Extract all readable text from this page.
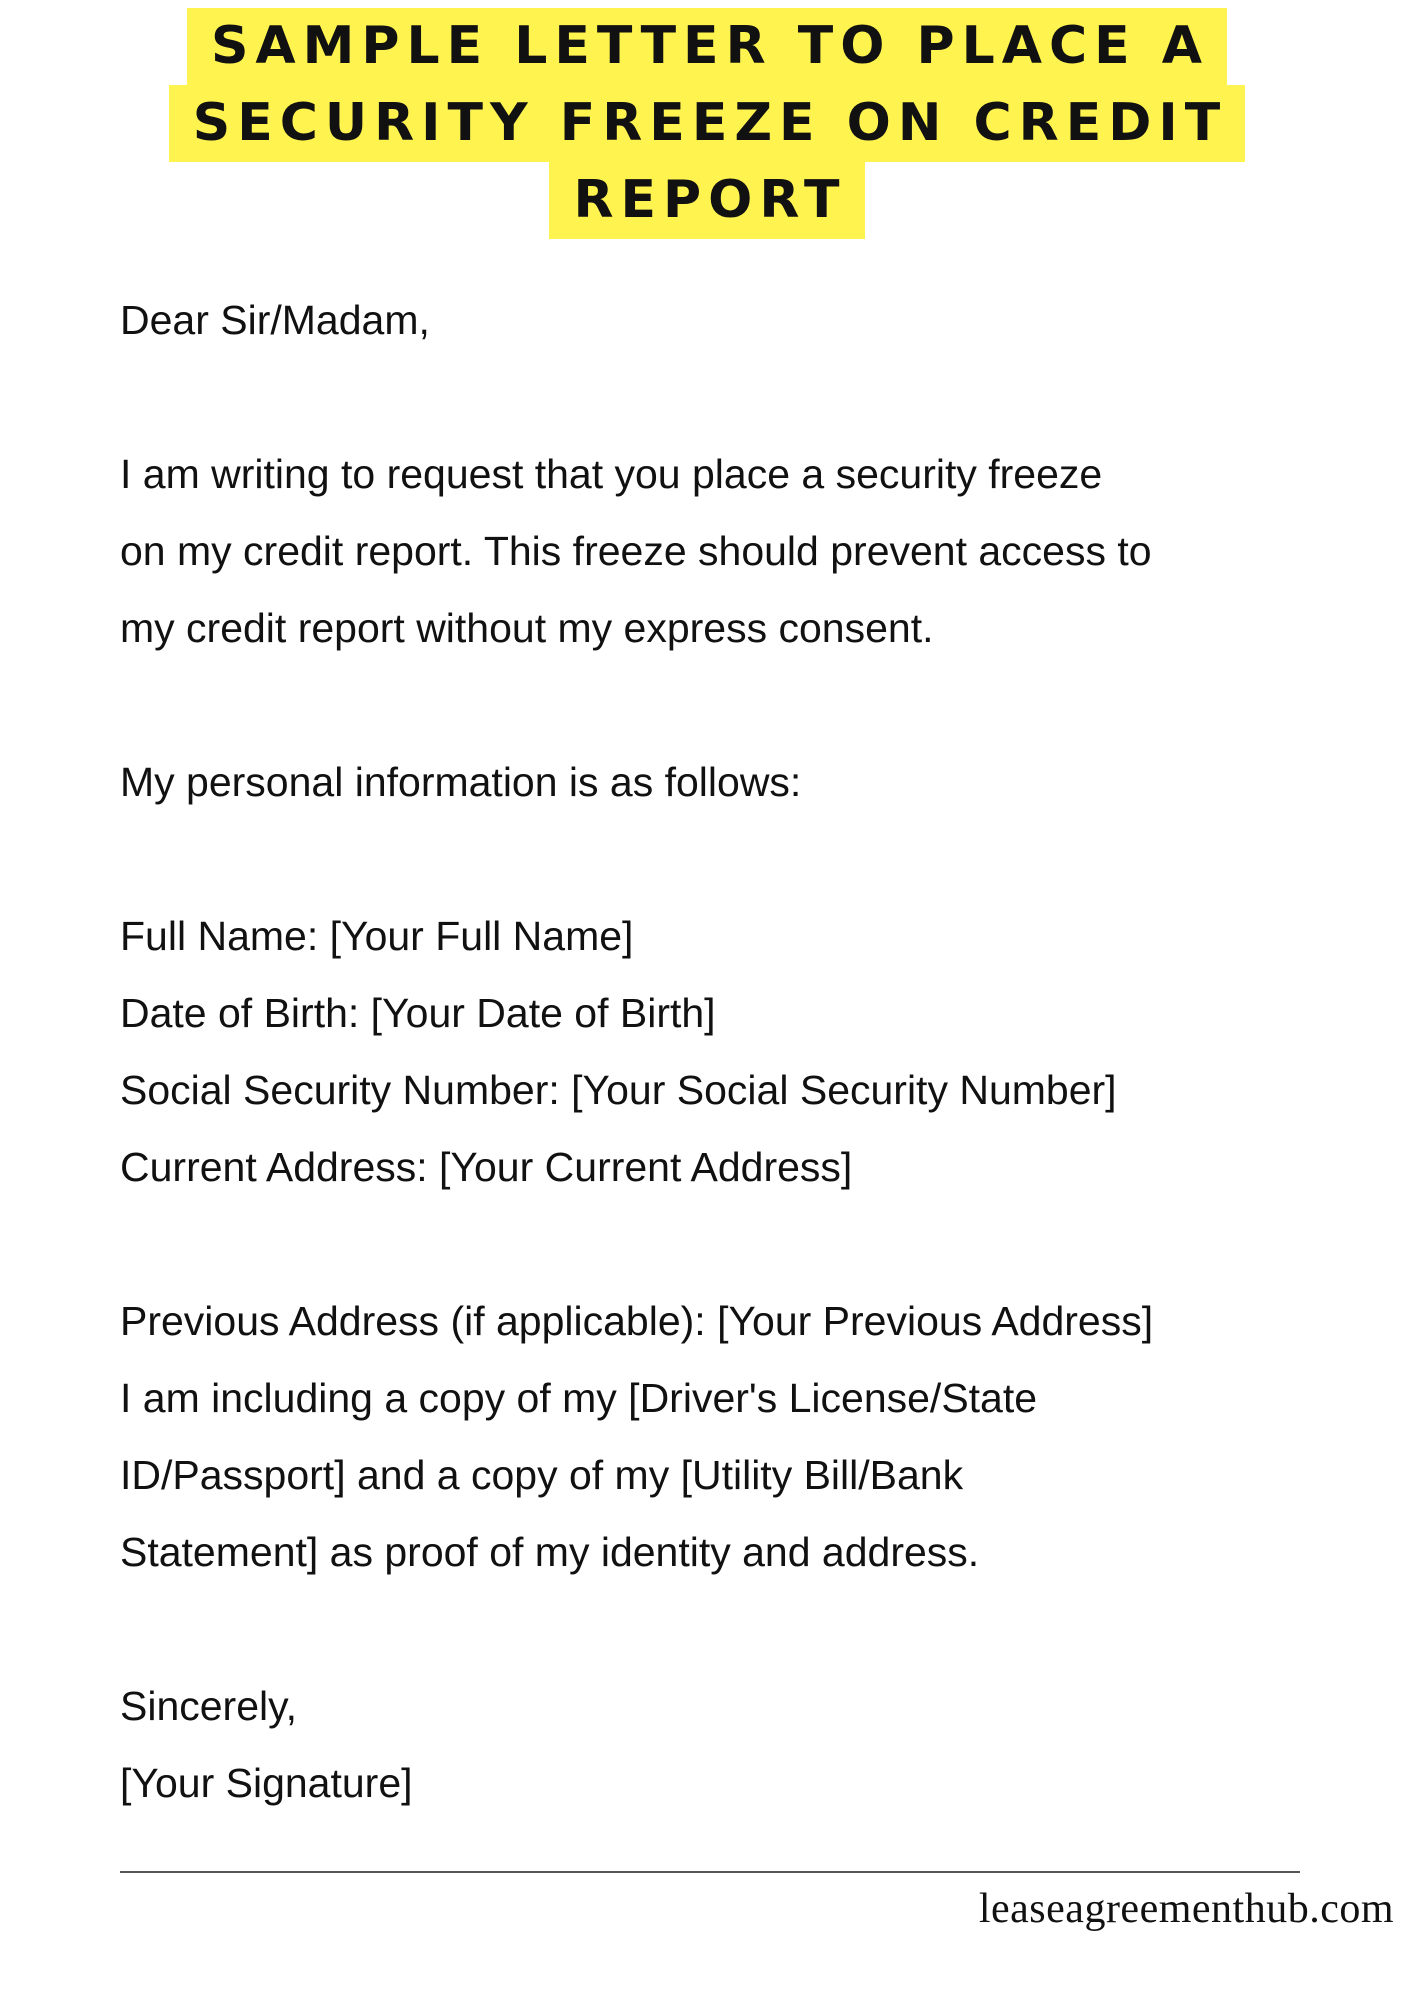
SAMPLE LETTER TO PLACE A
SECURITY FREEZE ON CREDIT
REPORT

Dear Sir/Madam,

I am writing to request that you place a security freeze

on my credit report. This freeze should prevent access to

my credit report without my express consent.

My personal information is as follows:

Full Name: [Your Full Name]

Date of Birth: [Your Date of Birth]

Social Security Number: [Your Social Security Number]

Current Address: [Your Current Address]

Previous Address (if applicable): [Your Previous Address]

I am including a copy of my [Driver's License/State

ID/Passport] and a copy of my [Utility Bill/Bank

Statement] as proof of my identity and address.

Sincerely,

[Your Signature]

leaseagreementhub.com
